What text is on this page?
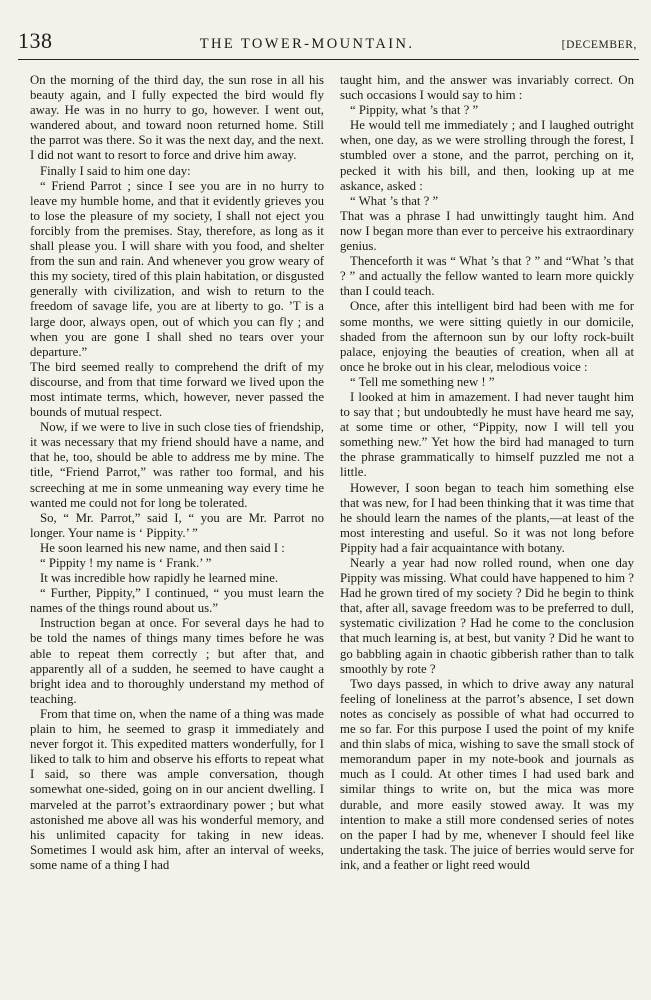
138	THE TOWER-MOUNTAIN.	[DECEMBER,

On the morning of the third day, the sun rose in all his beauty again, and I fully expected the bird would fly away. He was in no hurry to go, however. I went out, wandered about, and toward noon returned home. Still the parrot was there. So it was the next day, and the next. I did not want to resort to force and drive him away.

Finally I said to him one day:

“ Friend Parrot ; since I see you are in no hurry to leave my humble home, and that it evidently grieves you to lose the pleasure of my society, I shall not eject you forcibly from the premises. Stay, therefore, as long as it shall please you. I will share with you food, and shelter from the sun and rain. And whenever you grow weary of this my society, tired of this plain habitation, or disgusted generally with civilization, and wish to return to the freedom of savage life, you are at liberty to go. ’T is a large door, always open, out of which you can fly ; and when you are gone I shall shed no tears over your departure.”

The bird seemed really to comprehend the drift of my discourse, and from that time forward we lived upon the most intimate terms, which, however, never passed the bounds of mutual respect.

Now, if we were to live in such close ties of friendship, it was necessary that my friend should have a name, and that he, too, should be able to address me by mine. The title, “Friend Parrot,” was rather too formal, and his screeching at me in some unmeaning way every time he wanted me could not for long be tolerated.

So, “ Mr. Parrot,” said I, “ you are Mr. Parrot no longer. Your name is ‘ Pippity.’ ”

He soon learned his new name, and then said I :

“ Pippity ! my name is ‘ Frank.’ ”

It was incredible how rapidly he learned mine.

“ Further, Pippity,” I continued, “ you must learn the names of the things round about us.”

Instruction began at once. For several days he had to be told the names of things many times before he was able to repeat them correctly ; but after that, and apparently all of a sudden, he seemed to have caught a bright idea and to thoroughly understand my method of teaching.

From that time on, when the name of a thing was made plain to him, he seemed to grasp it immediately and never forgot it. This expedited matters wonderfully, for I liked to talk to him and observe his efforts to repeat what I said, so there was ample conversation, though somewhat one-sided, going on in our ancient dwelling. I marveled at the parrot’s extraordinary power ; but what astonished me above all was his wonderful memory, and his unlimited capacity for taking in new ideas. Sometimes I would ask him, after an interval of weeks, some name of a thing I had

taught him, and the answer was invariably correct. On such occasions I would say to him :

“ Pippity, what ’s that ? ”

He would tell me immediately ; and I laughed outright when, one day, as we were strolling through the forest, I stumbled over a stone, and the parrot, perching on it, pecked it with his bill, and then, looking up at me askance, asked :

“ What ’s that ? ”

That was a phrase I had unwittingly taught him. And now I began more than ever to perceive his extraordinary genius.

Thenceforth it was “ What ’s that ? ” and “What ’s that ? ” and actually the fellow wanted to learn more quickly than I could teach.

Once, after this intelligent bird had been with me for some months, we were sitting quietly in our domicile, shaded from the afternoon sun by our lofty rock-built palace, enjoying the beauties of creation, when all at once he broke out in his clear, melodious voice :

“ Tell me something new ! ”

I looked at him in amazement. I had never taught him to say that ; but undoubtedly he must have heard me say, at some time or other, “Pippity, now I will tell you something new.” Yet how the bird had managed to turn the phrase grammatically to himself puzzled me not a little.

However, I soon began to teach him something else that was new, for I had been thinking that it was time that he should learn the names of the plants,—at least of the most interesting and useful. So it was not long before Pippity had a fair acquaintance with botany.

Nearly a year had now rolled round, when one day Pippity was missing. What could have happened to him ? Had he grown tired of my society ? Did he begin to think that, after all, savage freedom was to be preferred to dull, systematic civilization ? Had he come to the conclusion that much learning is, at best, but vanity ? Did he want to go babbling again in chaotic gibberish rather than to talk smoothly by rote ?

Two days passed, in which to drive away any natural feeling of loneliness at the parrot’s absence, I set down notes as concisely as possible of what had occurred to me so far. For this purpose I used the point of my knife and thin slabs of mica, wishing to save the small stock of memorandum paper in my note-book and journals as much as I could. At other times I had used bark and similar things to write on, but the mica was more durable, and more easily stowed away. It was my intention to make a still more condensed series of notes on the paper I had by me, whenever I should feel like undertaking the task. The juice of berries would serve for ink, and a feather or light reed would
